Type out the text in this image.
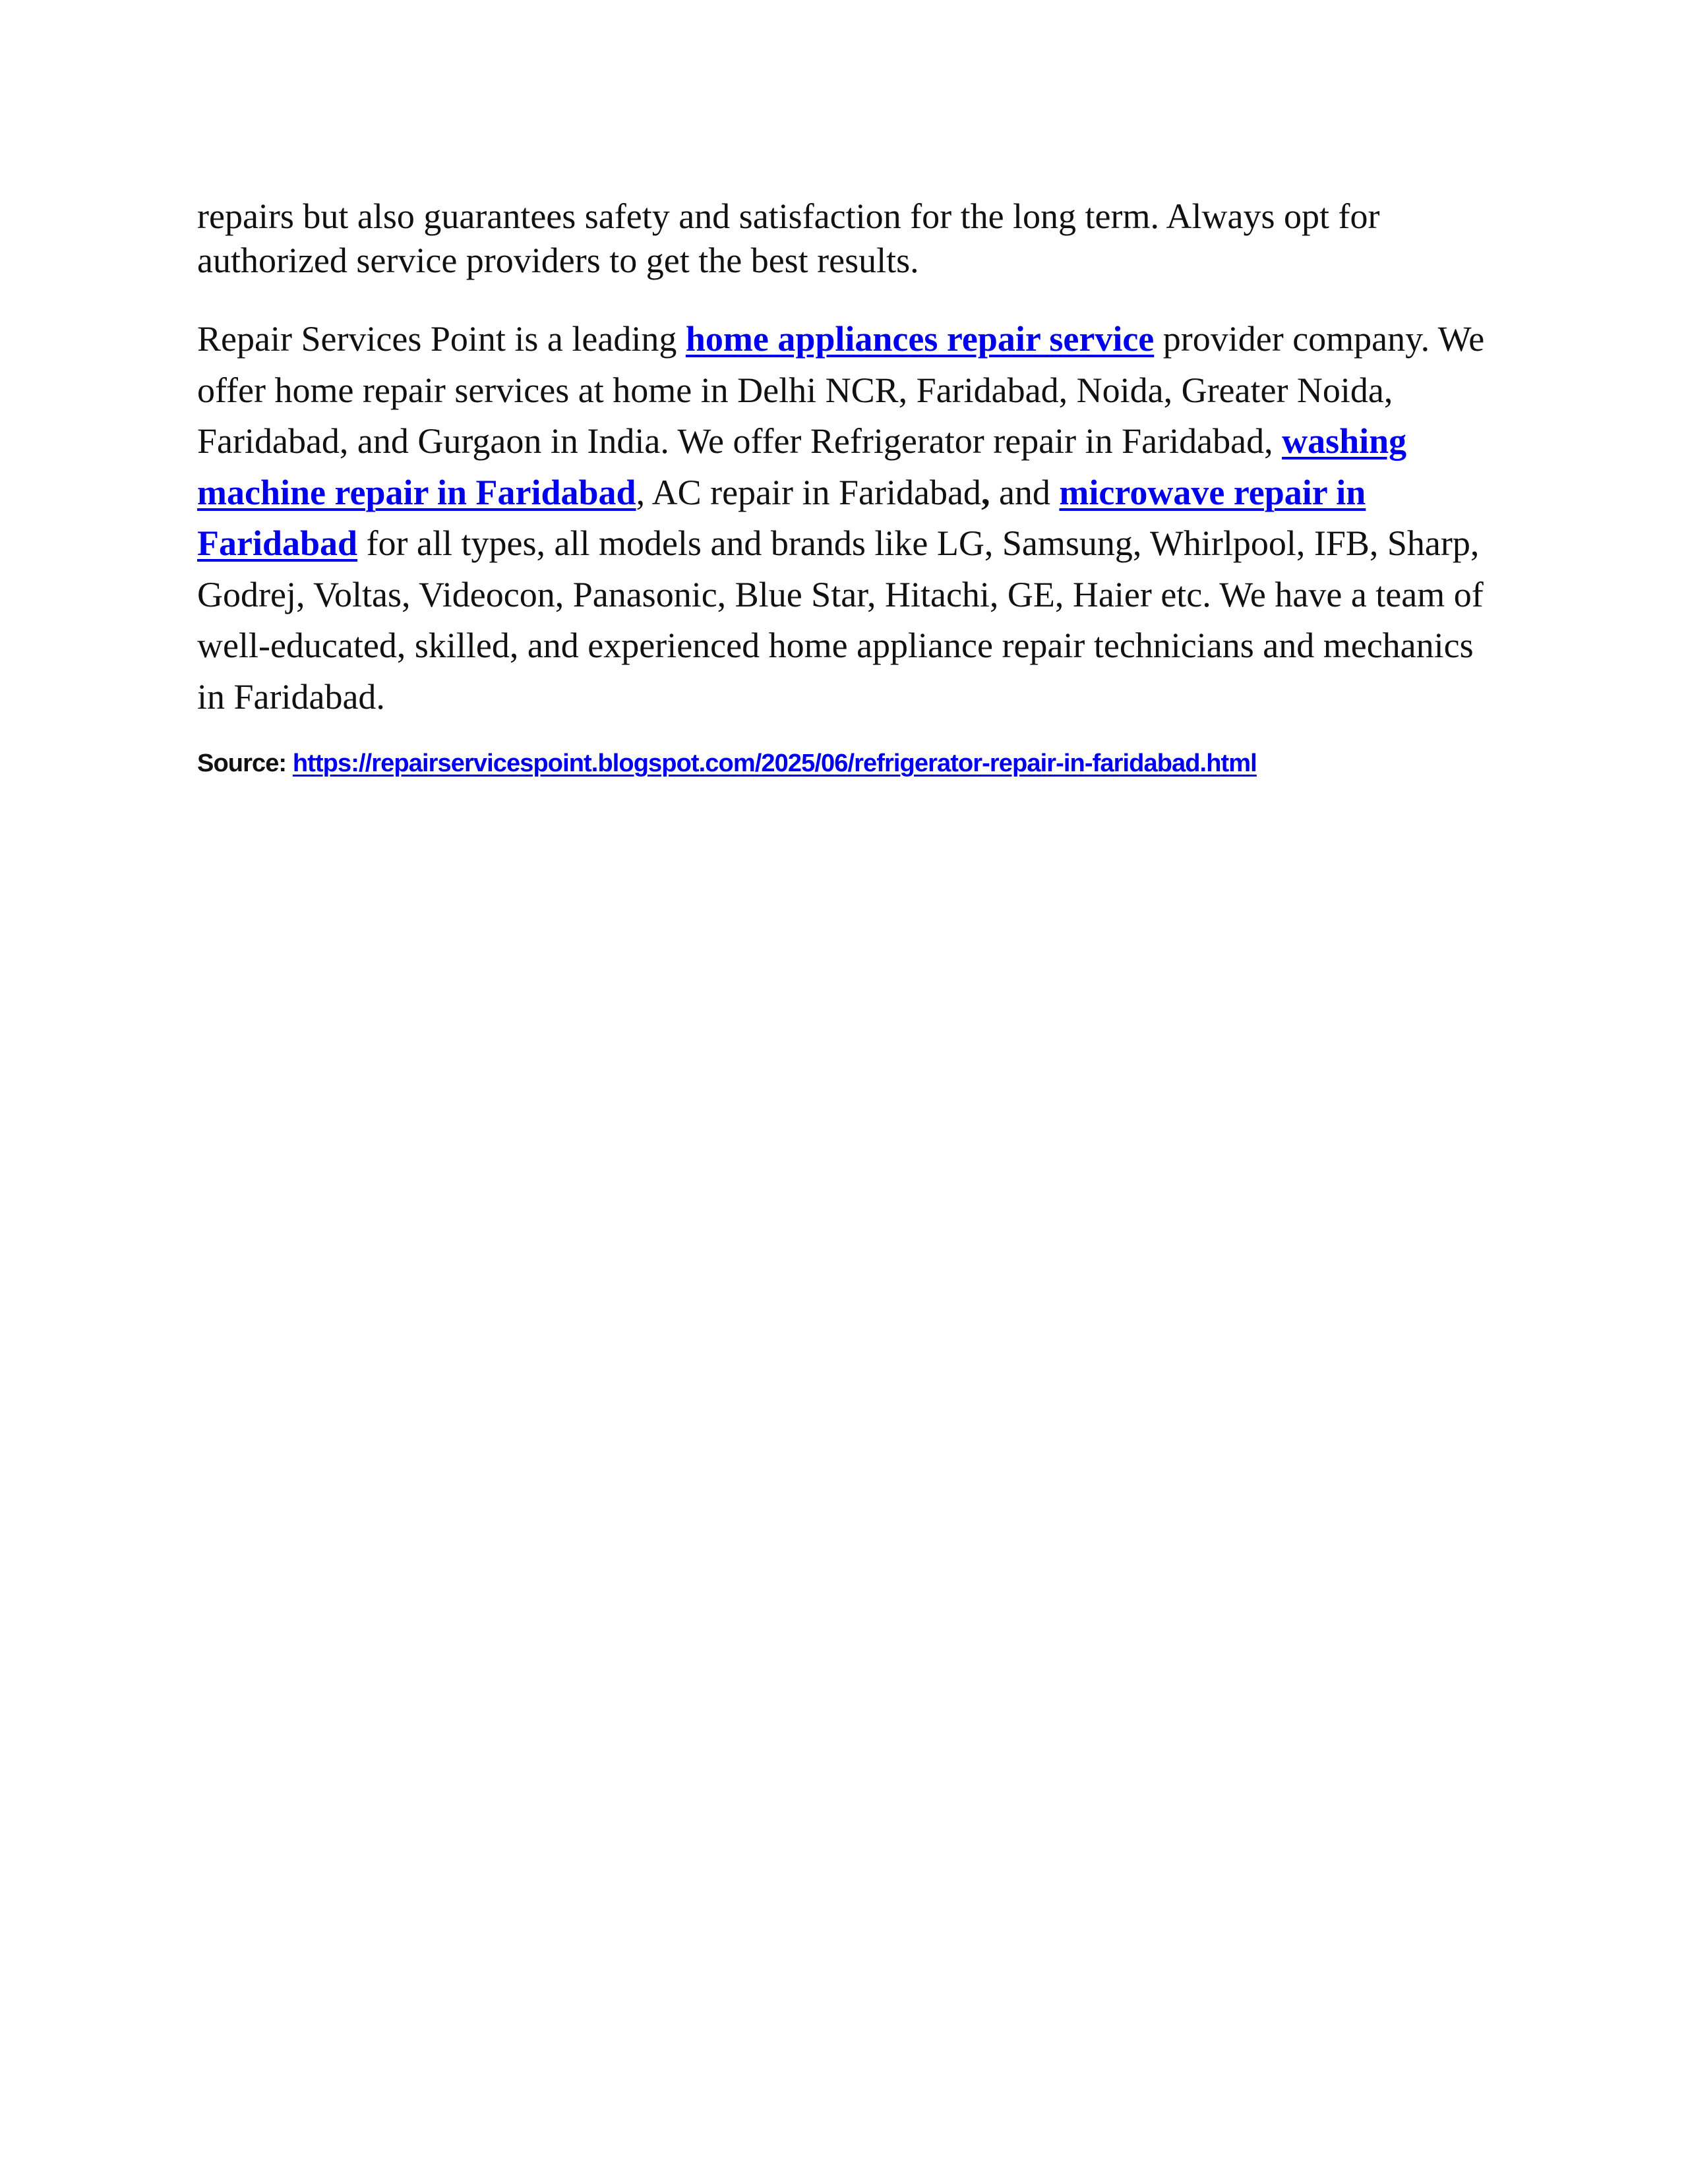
repairs but also guarantees safety and satisfaction for the long term. Always opt for authorized service providers to get the best results.

Repair Services Point is a leading home appliances repair service provider company. We offer home repair services at home in Delhi NCR, Faridabad, Noida, Greater Noida, Faridabad, and Gurgaon in India. We offer Refrigerator repair in Faridabad, washing machine repair in Faridabad, AC repair in Faridabad, and microwave repair in Faridabad for all types, all models and brands like LG, Samsung, Whirlpool, IFB, Sharp, Godrej, Voltas, Videocon, Panasonic, Blue Star, Hitachi, GE, Haier etc. We have a team of well-educated, skilled, and experienced home appliance repair technicians and mechanics in Faridabad.

Source: https://repairservicespoint.blogspot.com/2025/06/refrigerator-repair-in-faridabad.html
